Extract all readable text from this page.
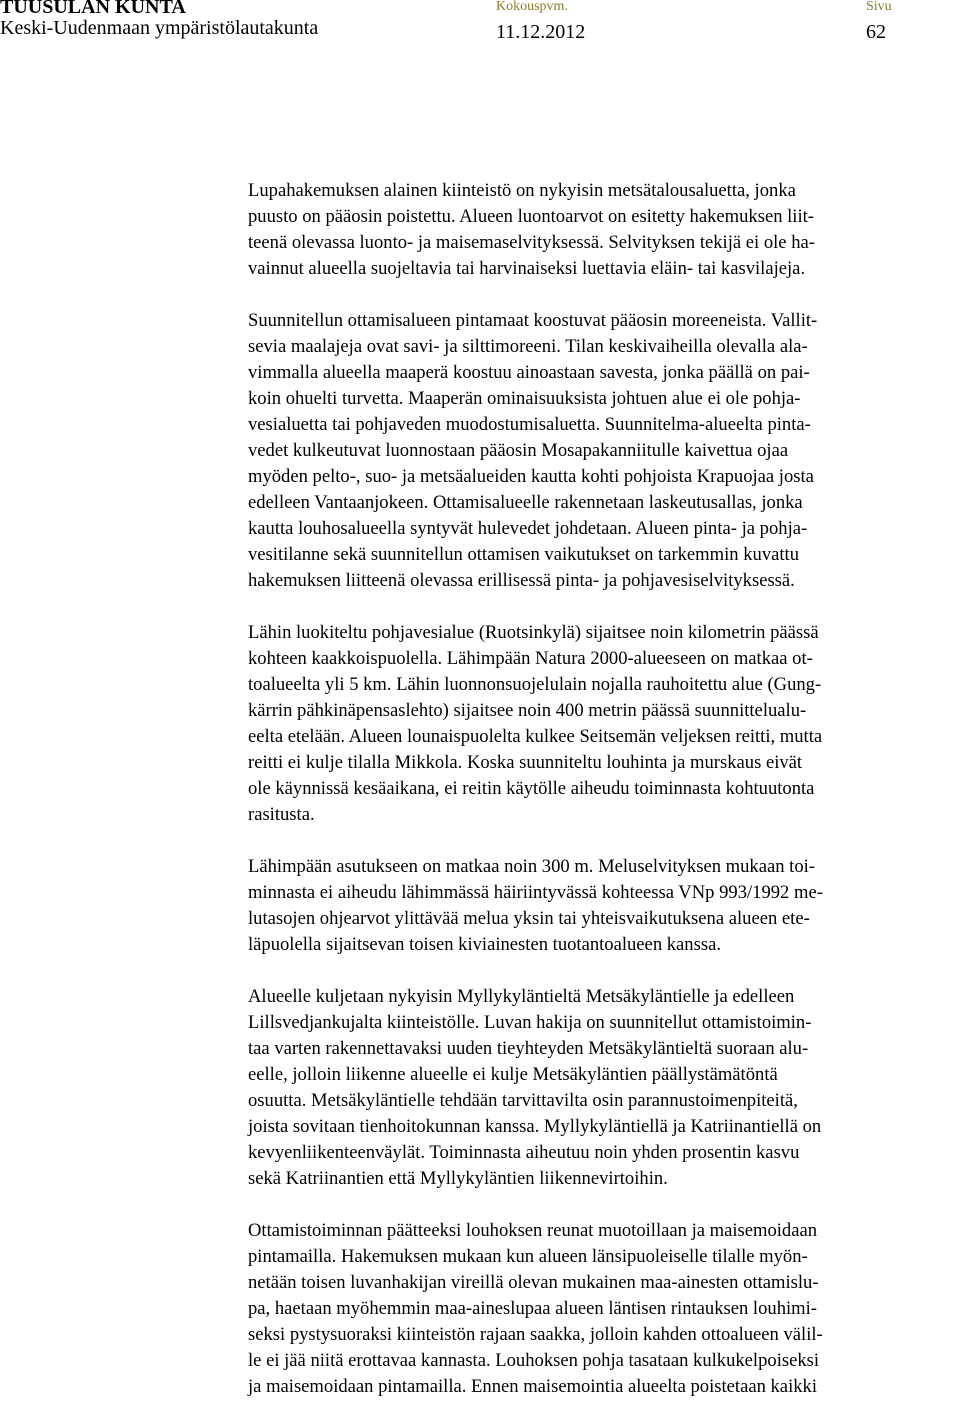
TUUSULAN KUNTA
Keski-Uudenmaan ympäristölautakunta
Kokouspvm.
11.12.2012
Sivu
62

Lupahakemuksen alainen kiinteistö on nykyisin metsätalousaluetta, jonka
puusto on pääosin poistettu. Alueen luontoarvot on esitetty hakemuksen liit-
teenä olevassa luonto- ja maisemaselvityksessä. Selvityksen tekijä ei ole ha-
vainnut alueella suojeltavia tai harvinaiseksi luettavia eläin- tai kasvilajeja.

Suunnitellun ottamisalueen pintamaat koostuvat pääosin moreeneista. Vallit-
sevia maalajeja ovat savi- ja silttimoreeni. Tilan keskivaiheilla olevalla ala-
vimmalla alueella maaperä koostuu ainoastaan savesta, jonka päällä on pai-
koin ohuelti turvetta. Maaperän ominaisuuksista johtuen alue ei ole pohja-
vesialuetta tai pohjaveden muodostumisaluetta. Suunnitelma-alueelta pinta-
vedet kulkeutuvat luonnostaan pääosin Mosapakanniitulle kaivettua ojaa
myöden pelto-, suo- ja metsäalueiden kautta kohti pohjoista Krapuojaa josta
edelleen Vantaanjokeen. Ottamisalueelle rakennetaan laskeutusallas, jonka
kautta louhosalueella syntyvät hulevedet johdetaan. Alueen pinta- ja pohja-
vesitilanne sekä suunnitellun ottamisen vaikutukset on tarkemmin kuvattu
hakemuksen liitteenä olevassa erillisessä pinta- ja pohjavesiselvityksessä.

Lähin luokiteltu pohjavesialue (Ruotsinkylä) sijaitsee noin kilometrin päässä
kohteen kaakkoispuolella. Lähimpään Natura 2000-alueeseen on matkaa ot-
toalueelta yli 5 km. Lähin luonnonsuojelulain nojalla rauhoitettu alue (Gung-
kärrin pähkinäpensaslehto) sijaitsee noin 400 metrin päässä suunnittelualu-
eelta etelään. Alueen lounaispuolelta kulkee Seitsemän veljeksen reitti, mutta
reitti ei kulje tilalla Mikkola. Koska suunniteltu louhinta ja murskaus eivät
ole käynnissä kesäaikana, ei reitin käytölle aiheudu toiminnasta kohtuutonta
rasitusta.

Lähimpään asutukseen on matkaa noin 300 m. Meluselvityksen mukaan toi-
minnasta ei aiheudu lähimmässä häiriintyvässä kohteessa VNp 993/1992 me-
lutasojen ohjearvot ylittävää melua yksin tai yhteisvaikutuksena alueen ete-
läpuolella sijaitsevan toisen kiviainesten tuotantoalueen kanssa.

Alueelle kuljetaan nykyisin Myllykyläntieltä Metsäkyläntielle ja edelleen
Lillsvedjankujalta kiinteistölle. Luvan hakija on suunnitellut ottamistoimin-
taa varten rakennettavaksi uuden tieyhteyden Metsäkyläntieltä suoraan alu-
eelle, jolloin liikenne alueelle ei kulje Metsäkyläntien päällystämätöntä
osuutta. Metsäkyläntielle tehdään tarvittavilta osin parannustoimenpiteitä,
joista sovitaan tienhoitokunnan kanssa. Myllykyläntiellä ja Katriinantiellä on
kevyenliikenteenväylät. Toiminnasta aiheutuu noin yhden prosentin kasvu
sekä Katriinantien että Myllykyläntien liikennevirtoihin.

Ottamistoiminnan päätteeksi louhoksen reunat muotoillaan ja maisemoidaan
pintamailla. Hakemuksen mukaan kun alueen länsipuoleiselle tilalle myön-
netään toisen luvanhakijan vireillä olevan mukainen maa-ainesten ottamislu-
pa, haetaan myöhemmin maa-aineslupaa alueen läntisen rintauksen louhimi-
seksi pystysuoraksi kiinteistön rajaan saakka, jolloin kahden ottoalueen välil-
le ei jää niitä erottavaa kannasta. Louhoksen pohja tasataan kulkukelpoiseksi
ja maisemoidaan pintamailla. Ennen maisemointia alueelta poistetaan kaikki
